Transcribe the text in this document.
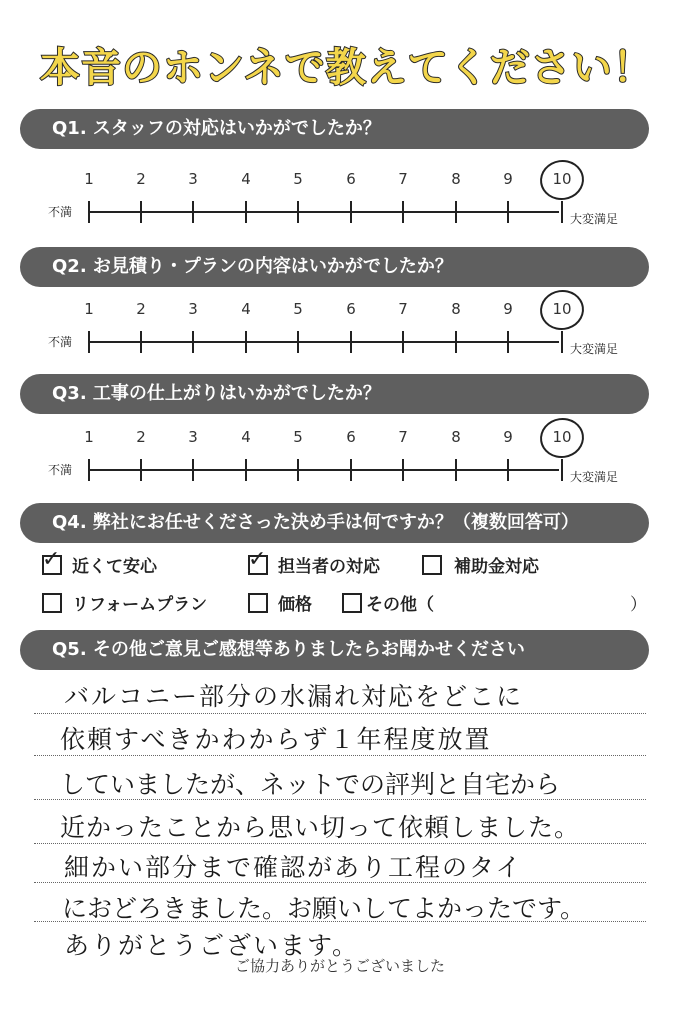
本音のホンネで教えてください！
Q1. スタッフの対応はいかがでしたか？
1	2	3	4	5	6	7	8	9	10
不満	大変満足
Q2. お見積り・プランの内容はいかがでしたか？
1	2	3	4	5	6	7	8	9	10
不満	大変満足
Q3. 工事の仕上がりはいかがでしたか？
1	2	3	4	5	6	7	8	9	10
不満	大変満足
Q4. 弊社にお任せくださった決め手は何ですか？（複数回答可）
✓ 近くて安心	✓ 担当者の対応	補助金対応
リフォームプラン	価格	その他（	）
Q5. その他ご意見ご感想等ありましたらお聞かせください
バルコニー部分の水漏れ対応をどこに
依頼すべきかわからず１年程度放置
していましたが、ネットでの評判と自宅から
近かったことから思い切って依頼しました。
細かい部分まで確認があり工程のタイ
におどろきました。お願いしてよかったです。
ありがとうございます。
ご協力ありがとうございました
